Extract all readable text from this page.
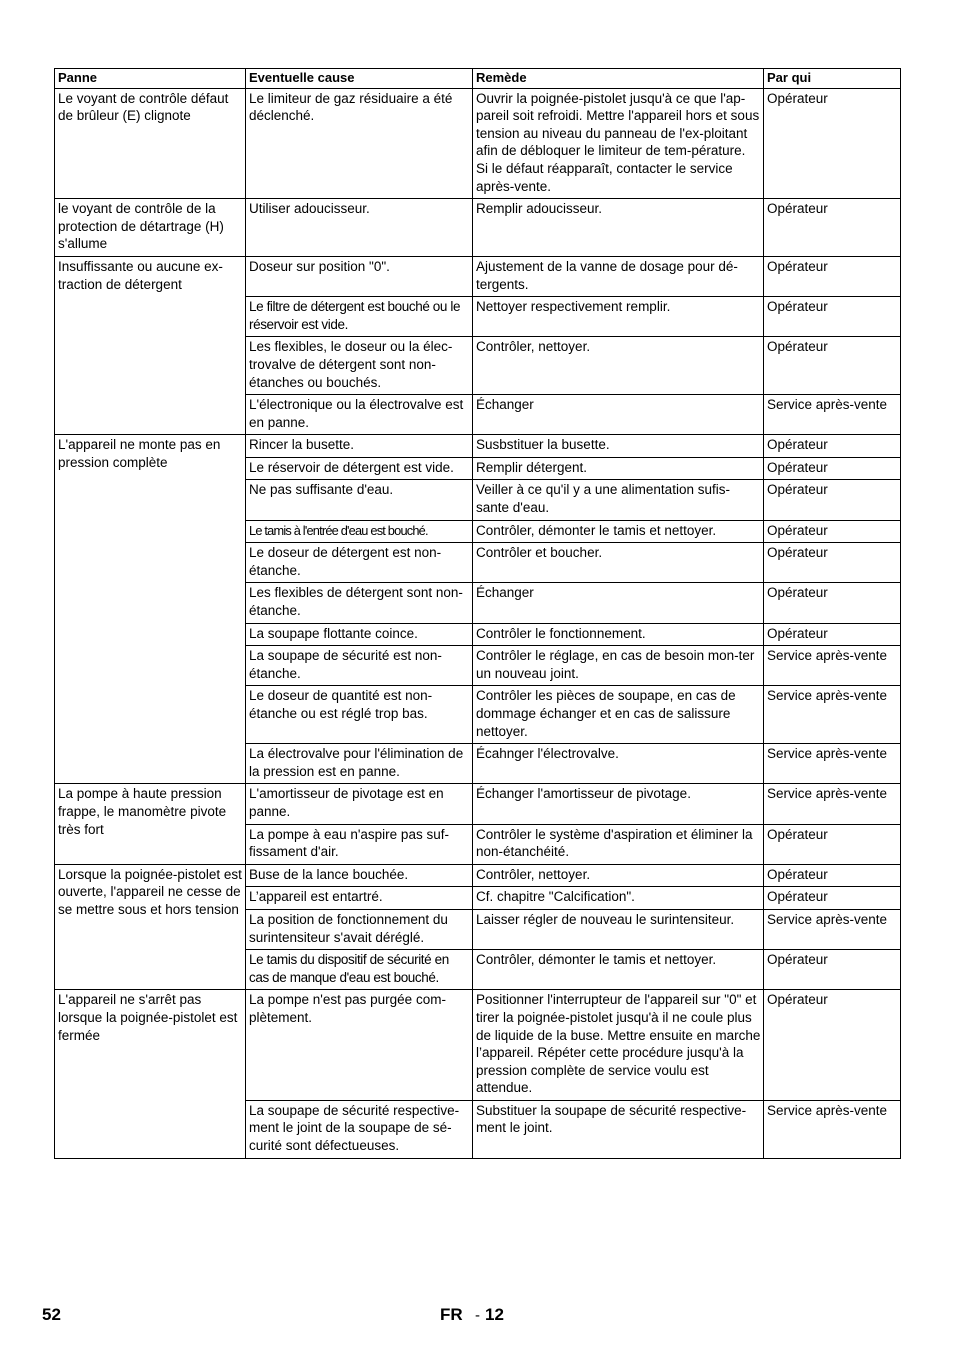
Panne	Eventuelle cause	Remède	Par qui
Le voyant de contrôle défaut de brûleur (E) clignote	Le limiteur de gaz résiduaire a été déclenché.	Ouvrir la poignée-pistolet jusqu'à ce que l'ap-pareil soit refroidi. Mettre l'appareil hors et sous tension au niveau du panneau de l'ex-ploitant afin de débloquer le limiteur de tem-pérature. Si le défaut réapparaît, contacter le service après-vente.	Opérateur
le voyant de contrôle de la protection de détartrage (H) s'allume	Utiliser adoucisseur.	Remplir adoucisseur.	Opérateur
Insuffissante ou aucune ex-traction de détergent	Doseur sur position "0".	Ajustement de la vanne de dosage pour dé-tergents.	Opérateur
	Le filtre de détergent est bouché ou le réservoir est vide.	Nettoyer respectivement remplir.	Opérateur
	Les flexibles, le doseur ou la élec-trovalve de détergent sont non-étanches ou bouchés.	Contrôler, nettoyer.	Opérateur
	L'électronique ou la électrovalve est en panne.	Échanger	Service après-vente
L'appareil ne monte pas en pression complète	Rincer la busette.	Susbstituer la busette.	Opérateur
	Le réservoir de détergent est vide.	Remplir détergent.	Opérateur
	Ne pas suffisante d'eau.	Veiller à ce qu'il y a une alimentation sufis-sante d'eau.	Opérateur
	Le tamis à l'entrée d'eau est bouché.	Contrôler, démonter le tamis et nettoyer.	Opérateur
	Le doseur de détergent est non-étanche.	Contrôler et boucher.	Opérateur
	Les flexibles de détergent sont non-étanche.	Échanger	Opérateur
	La soupape flottante coince.	Contrôler le fonctionnement.	Opérateur
	La soupape de sécurité est non-étanche.	Contrôler le réglage, en cas de besoin mon-ter un nouveau joint.	Service après-vente
	Le doseur de quantité est non-étanche ou est réglé trop bas.	Contrôler les pièces de soupape, en cas de dommage échanger et en cas de salissure nettoyer.	Service après-vente
	La électrovalve pour l'élimination de la pression est en panne.	Écahnger l'électrovalve.	Service après-vente
La pompe à haute pression frappe, le manomètre pivote très fort	L'amortisseur de pivotage est en panne.	Échanger l'amortisseur de pivotage.	Service après-vente
	La pompe à eau n'aspire pas suf-fissament d'air.	Contrôler le système d'aspiration et éliminer la non-étanchéité.	Opérateur
Lorsque la poignée-pistolet est ouverte, l'appareil ne cesse de se mettre sous et hors tension	Buse de la lance bouchée.	Contrôler, nettoyer.	Opérateur
	L’appareil est entartré.	Cf. chapitre "Calcification".	Opérateur
	La position de fonctionnement du surintensiteur s'avait déréglé.	Laisser régler de nouveau le surintensiteur.	Service après-vente
	Le tamis du dispositif de sécurité en cas de manque d'eau est bouché.	Contrôler, démonter le tamis et nettoyer.	Opérateur
L'appareil ne s'arrêt pas lorsque la poignée-pistolet est fermée	La pompe n'est pas purgée com-plètement.	Positionner l'interrupteur de l'appareil sur "0" et tirer la poignée-pistolet jusqu'à il ne coule plus de liquide de la buse. Mettre ensuite en marche l’appareil. Répéter cette procédure jusqu'à la pression complète de service voulu est attendue.	Opérateur
	La soupape de sécurité respective-ment le joint de la soupape de sé-curité sont défectueuses.	Substituer la soupape de sécurité respective-ment le joint.	Service après-vente
52	FR - 12
